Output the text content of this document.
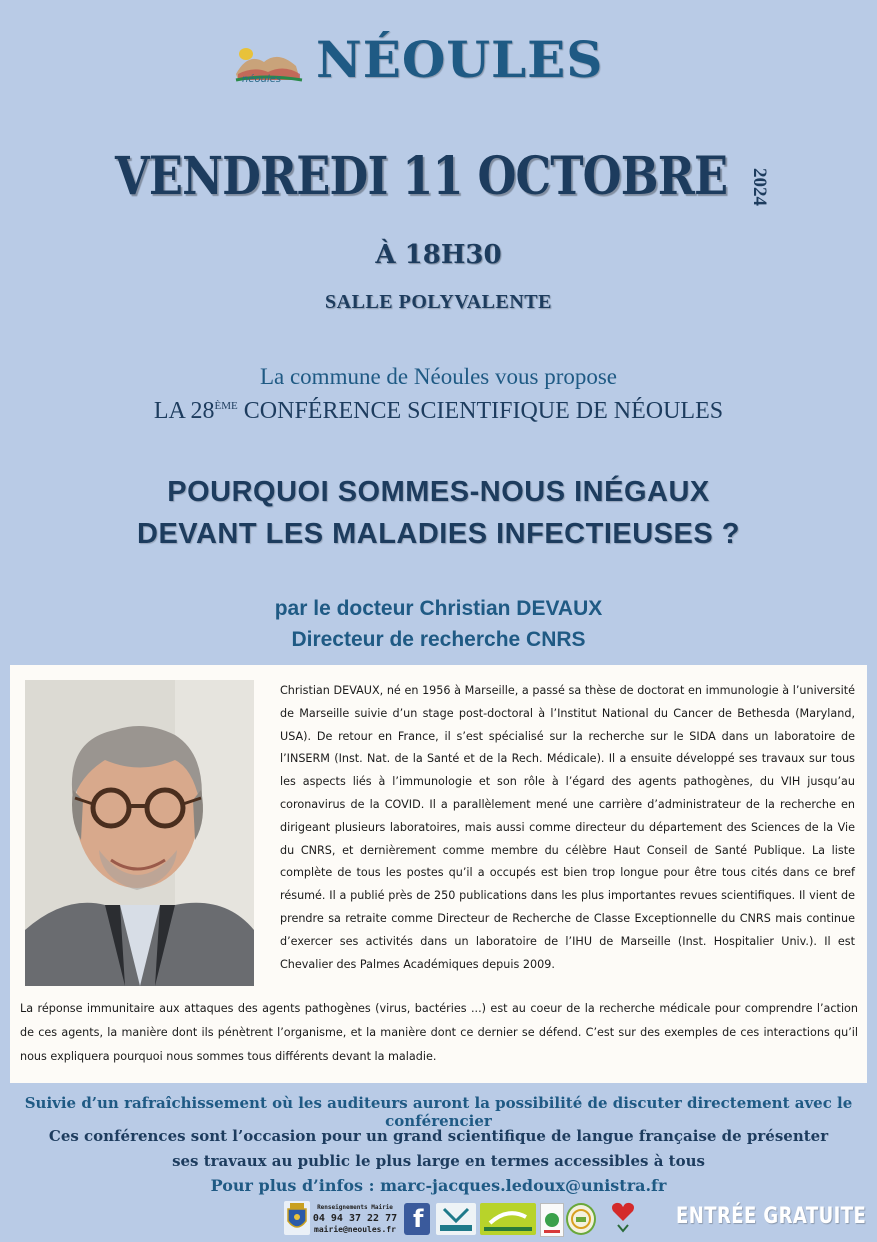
néoules NÉOULES
VENDREDI 11 OCTOBRE 2024
À 18H30
SALLE POLYVALENTE
La commune de Néoules vous propose
LA 28ÈME CONFÉRENCE SCIENTIFIQUE DE NÉOULES
POURQUOI SOMMES-NOUS INÉGAUX
DEVANT LES MALADIES INFECTIEUSES ?
par le docteur Christian DEVAUX
Directeur de recherche CNRS
Christian DEVAUX, né en 1956 à Marseille, a passé sa thèse de doctorat en immunologie à l’université de Marseille suivie d’un stage post-doctoral à l’Institut National du Cancer de Bethesda (Maryland, USA). De retour en France, il s’est spécialisé sur la recherche sur le SIDA dans un laboratoire de l’INSERM (Inst. Nat. de la Santé et de la Rech. Médicale). Il a ensuite développé ses travaux sur tous les aspects liés à l’immunologie et son rôle à l’égard des agents pathogènes, du VIH jusqu’au coronavirus de la COVID. Il a parallèlement mené une carrière d’administrateur de la recherche en dirigeant plusieurs laboratoires, mais aussi comme directeur du département des Sciences de la Vie du CNRS, et dernièrement comme membre du célèbre Haut Conseil de Santé Publique. La liste complète de tous les postes qu’il a occupés est bien trop longue pour être tous cités dans ce bref résumé. Il a publié près de 250 publications dans les plus importantes revues scientifiques. Il vient de prendre sa retraite comme Directeur de Recherche de Classe Exceptionnelle du CNRS mais continue d’exercer ses activités dans un laboratoire de l’IHU de Marseille (Inst. Hospitalier Univ.). Il est Chevalier des Palmes Académiques depuis 2009.
La réponse immunitaire aux attaques des agents pathogènes (virus, bactéries ...) est au coeur de la recherche médicale pour comprendre l’action de ces agents, la manière dont ils pénètrent l’organisme, et la manière dont ce dernier se défend. C’est sur des exemples de ces interactions qu’il nous expliquera pourquoi nous sommes tous différents devant la maladie.
Suivie d’un rafraîchissement où les auditeurs auront la possibilité de discuter directement avec le conférencier
Ces conférences sont l’occasion pour un grand scientifique de langue française de présenter
ses travaux au public le plus large en termes accessibles à tous
Pour plus d’infos : marc-jacques.ledoux@unistra.fr
Renseignements Mairie
04 94 37 22 77
mairie@neoules.fr f	ENTRÉE GRATUITE
